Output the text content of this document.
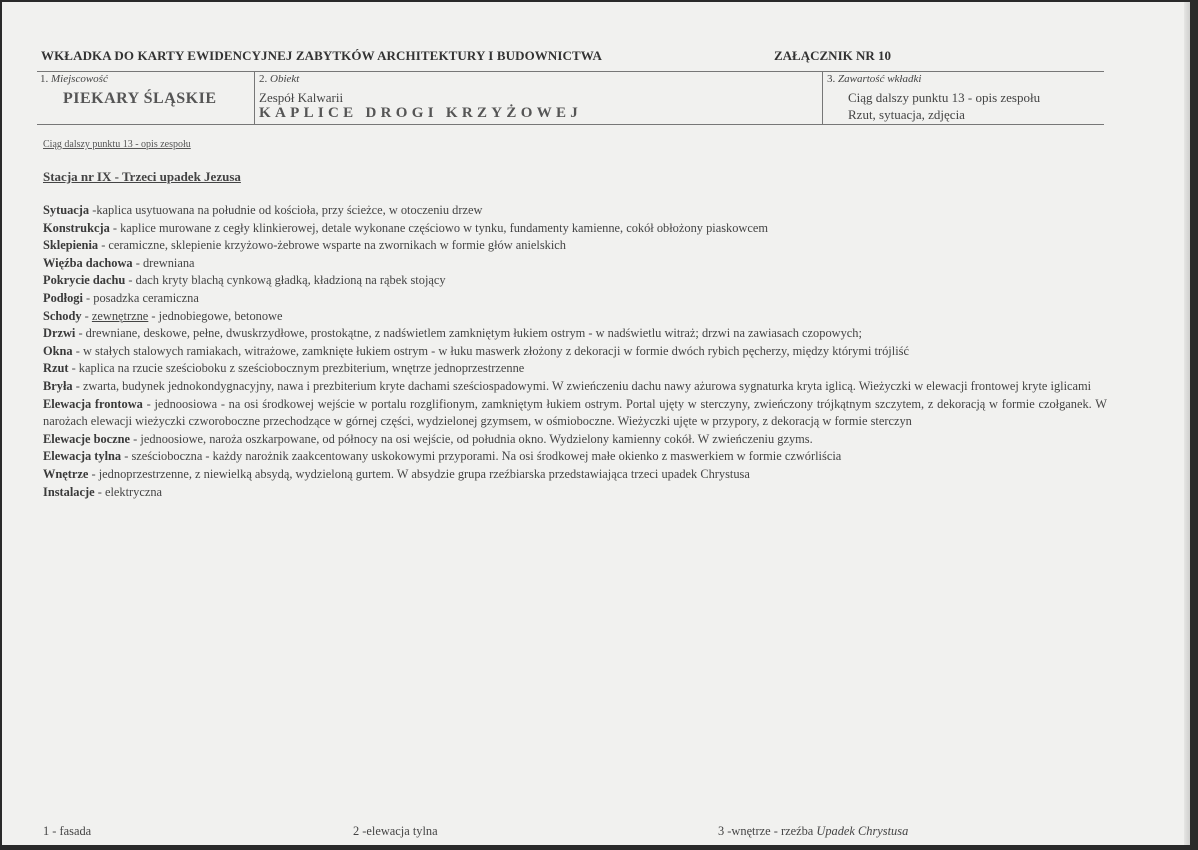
WKŁADKA DO KARTY EWIDENCYJNEJ ZABYTKÓW ARCHITEKTURY I BUDOWNICTWA	ZAŁĄCZNIK NR 10
1. Miejscowość
PIEKARY ŚLĄSKIE
2. Obiekt
Zespół Kalwarii
KAPLICE DROGI KRZYŻOWEJ
3. Zawartość wkładki
Ciąg dalszy punktu 13 - opis zespołu
Rzut, sytuacja, zdjęcia
Ciąg dalszy punktu 13 - opis zespołu
Stacja nr IX - Trzeci upadek Jezusa

Sytuacja -kaplica usytuowana na południe od kościoła, przy ścieżce, w otoczeniu drzew

Konstrukcja - kaplice murowane z cegły klinkierowej, detale wykonane częściowo w tynku, fundamenty kamienne, cokół obłożony piaskowcem

Sklepienia - ceramiczne, sklepienie krzyżowo-żebrowe wsparte na zwornikach w formie głów anielskich

Więźba dachowa - drewniana

Pokrycie dachu - dach kryty blachą cynkową gładką, kładzioną na rąbek stojący

Podłogi - posadzka ceramiczna

Schody - zewnętrzne - jednobiegowe, betonowe

Drzwi - drewniane, deskowe, pełne, dwuskrzydłowe, prostokątne, z nadświetlem zamkniętym łukiem ostrym - w nadświetlu witraż; drzwi na zawiasach czopowych;

Okna - w stałych stalowych ramiakach, witrażowe, zamknięte łukiem ostrym - w łuku maswerk złożony z dekoracji w formie dwóch rybich pęcherzy, między którymi trójliść

Rzut - kaplica na rzucie sześcioboku z sześciobocznym prezbiterium, wnętrze jednoprzestrzenne

Bryła - zwarta, budynek jednokondygnacyjny, nawa i prezbiterium kryte dachami sześciospadowymi. W zwieńczeniu dachu nawy ażurowa sygnaturka kryta iglicą. Wieżyczki w elewacji frontowej kryte iglicami

Elewacja frontowa - jednoosiowa - na osi środkowej wejście w portalu rozglifionym, zamkniętym łukiem ostrym. Portal ujęty w sterczyny, zwieńczony trójkątnym szczytem, z dekoracją w formie czołganek. W narożach elewacji wieżyczki czworoboczne przechodzące w górnej części, wydzielonej gzymsem, w ośmioboczne. Wieżyczki ujęte w przypory, z dekoracją w formie sterczyn

Elewacje boczne - jednoosiowe, naroża oszkarpowane, od północy na osi wejście, od południa okno. Wydzielony kamienny cokół. W zwieńczeniu gzyms.

Elewacja tylna - sześcioboczna - każdy narożnik zaakcentowany uskokowymi przyporami. Na osi środkowej małe okienko z maswerkiem w formie czwórliścia

Wnętrze - jednoprzestrzenne, z niewielką absydą, wydzieloną gurtem. W absydzie grupa rzeźbiarska przedstawiająca trzeci upadek Chrystusa

Instalacje - elektryczna

1 - fasada	2 -elewacja tylna	3 -wnętrze - rzeźba Upadek Chrystusa
